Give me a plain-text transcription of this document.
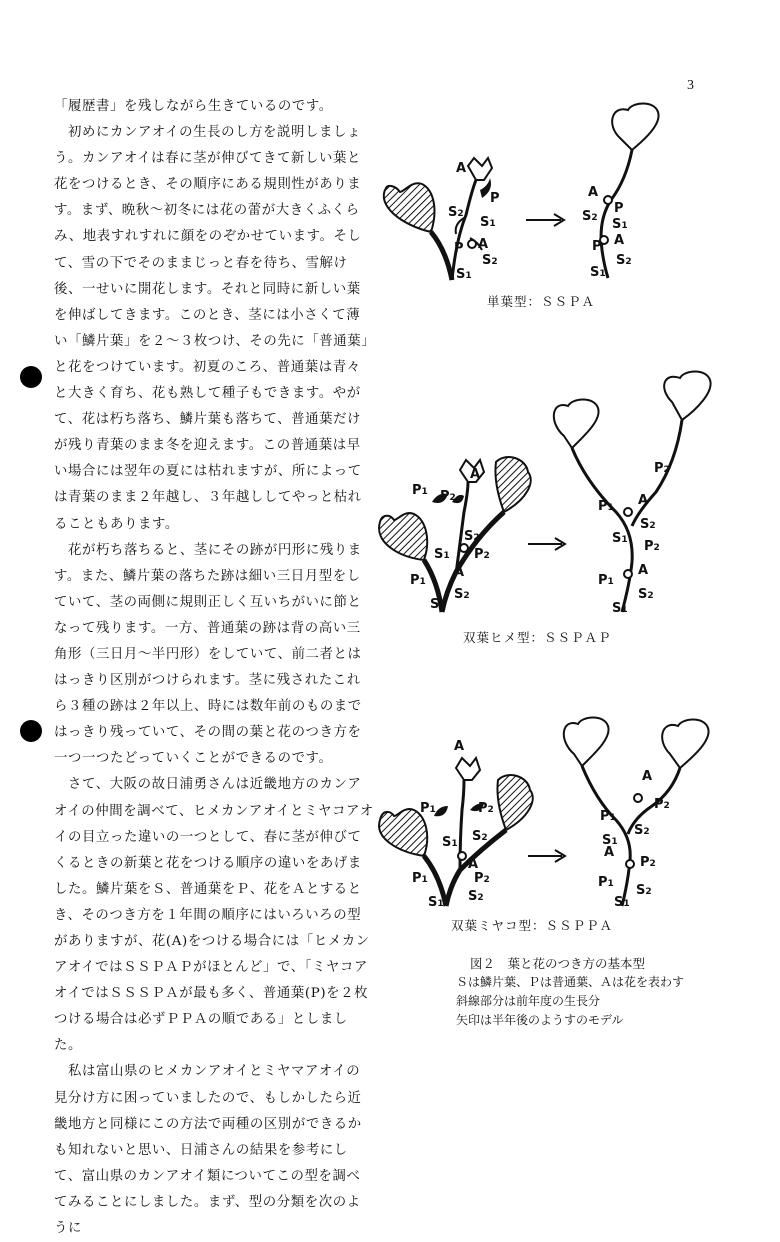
3

「履歴書」を残しながら生きているのです。

　初めにカンアオイの生長のし方を説明しましょう。カンアオイは春に茎が伸びてきて新しい葉と花をつけるとき、その順序にある規則性があります。まず、晩秋～初冬には花の蕾が大きくふくらみ、地表すれすれに顔をのぞかせています。そして、雪の下でそのままじっと春を待ち、雪解け後、一せいに開花します。それと同時に新しい葉を伸ばしてきます。このとき、茎には小さくて薄い「鱗片葉」を２～３枚つけ、その先に「普通葉」と花をつけています。初夏のころ、普通葉は青々と大きく育ち、花も熟して種子もできます。やがて、花は朽ち落ち、鱗片葉も落ちて、普通葉だけが残り青葉のまま冬を迎えます。この普通葉は早い場合には翌年の夏には枯れますが、所によっては青葉のまま２年越し、３年越ししてやっと枯れることもあります。

　花が朽ち落ちると、茎にその跡が円形に残ります。また、鱗片葉の落ちた跡は細い三日月型をしていて、茎の両側に規則正しく互いちがいに節となって残ります。一方、普通葉の跡は背の高い三角形（三日月～半円形）をしていて、前二者とははっきり区別がつけられます。茎に残されたこれら３種の跡は２年以上、時には数年前のものまではっきり残っていて、その間の葉と花のつき方を一つ一つたどっていくことができるのです。

　さて、大阪の故日浦勇さんは近畿地方のカンアオイの仲間を調べて、ヒメカンアオイとミヤコアオイの目立った違いの一つとして、春に茎が伸びてくるときの新葉と花をつける順序の違いをあげました。鱗片葉をＳ、普通葉をＰ、花をＡとするとき、そのつき方を１年間の順序にはいろいろの型がありますが、花(A)をつける場合には「ヒメカンアオイではＳＳＰＡＰがほとんど」で、「ミヤコアオイではＳＳＳＰＡが最も多く、普通葉(P)を２枚つける場合は必ずＰＰＡの順である」としました。

　私は富山県のヒメカンアオイとミヤマアオイの見分け方に困っていましたので、もしかしたら近畿地方と同様にこの方法で両種の区別ができるかも知れないと思い、日浦さんの結果を参考にして、富山県のカンアオイ類についてこの型を調べてみることにしました。まず、型の分類を次のように

A
P
S2
S1
A
P
S2
S1
A
P
S2 S1
A
P
S2
S1
単葉型：ＳＳＰＡ
A
P1 P2
S1
S2
P2
P1
A
S2
S1
A
P2
P1
S2
S1 P2
A
P1
S2
S1
双葉ヒメ型：ＳＳＰＡＰ
A
P1	P2
S1 S2
A
P2
P1
S2
S1
A
P2
P1
S2
S1
A
P2
P1 S2
S1
双葉ミヤコ型：ＳＳＰＰＡ
図２　葉と花のつき方の基本型
Ｓは鱗片葉、Ｐは普通葉、Ａは花を表わす
斜線部分は前年度の生長分
矢印は半年後のようすのモデル
